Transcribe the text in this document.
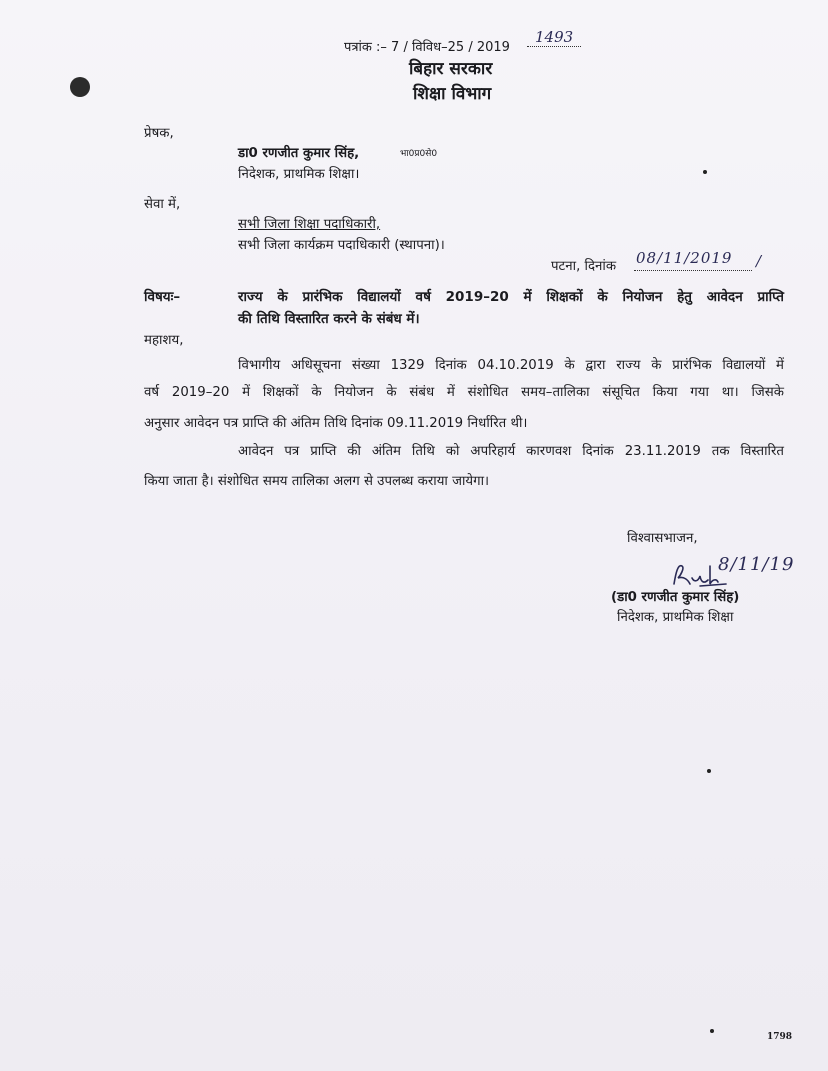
पत्रांक :– 7 / विविध–25 / 2019
1493
बिहार सरकार
शिक्षा विभाग
प्रेषक,
डा0 रणजीत कुमार सिंह,	भा0प्र0से0
निदेशक, प्राथमिक शिक्षा।
सेवा में,
सभी जिला शिक्षा पदाधिकारी,
सभी जिला कार्यक्रम पदाधिकारी (स्थापना)।
पटना, दिनांक 08/11/2019 /
विषयः–	राज्य के प्रारंभिक विद्यालयों वर्ष 2019–20 में शिक्षकों के नियोजन हेतु आवेदन प्राप्ति
की तिथि विस्तारित करने के संबंध में।
महाशय,
विभागीय अधिसूचना संख्या 1329 दिनांक 04.10.2019 के द्वारा राज्य के प्रारंभिक विद्यालयों में
वर्ष 2019–20 में शिक्षकों के नियोजन के संबंध में संशोधित समय–तालिका संसूचित किया गया था। जिसके
अनुसार आवेदन पत्र प्राप्ति की अंतिम तिथि दिनांक 09.11.2019 निर्धारित थी।
आवेदन पत्र प्राप्ति की अंतिम तिथि को अपरिहार्य कारणवश दिनांक 23.11.2019 तक विस्तारित
किया जाता है। संशोधित समय तालिका अलग से उपलब्ध कराया जायेगा।
विश्वासभाजन,
8/11/19
(डा0 रणजीत कुमार सिंह)
निदेशक, प्राथमिक शिक्षा
1798
